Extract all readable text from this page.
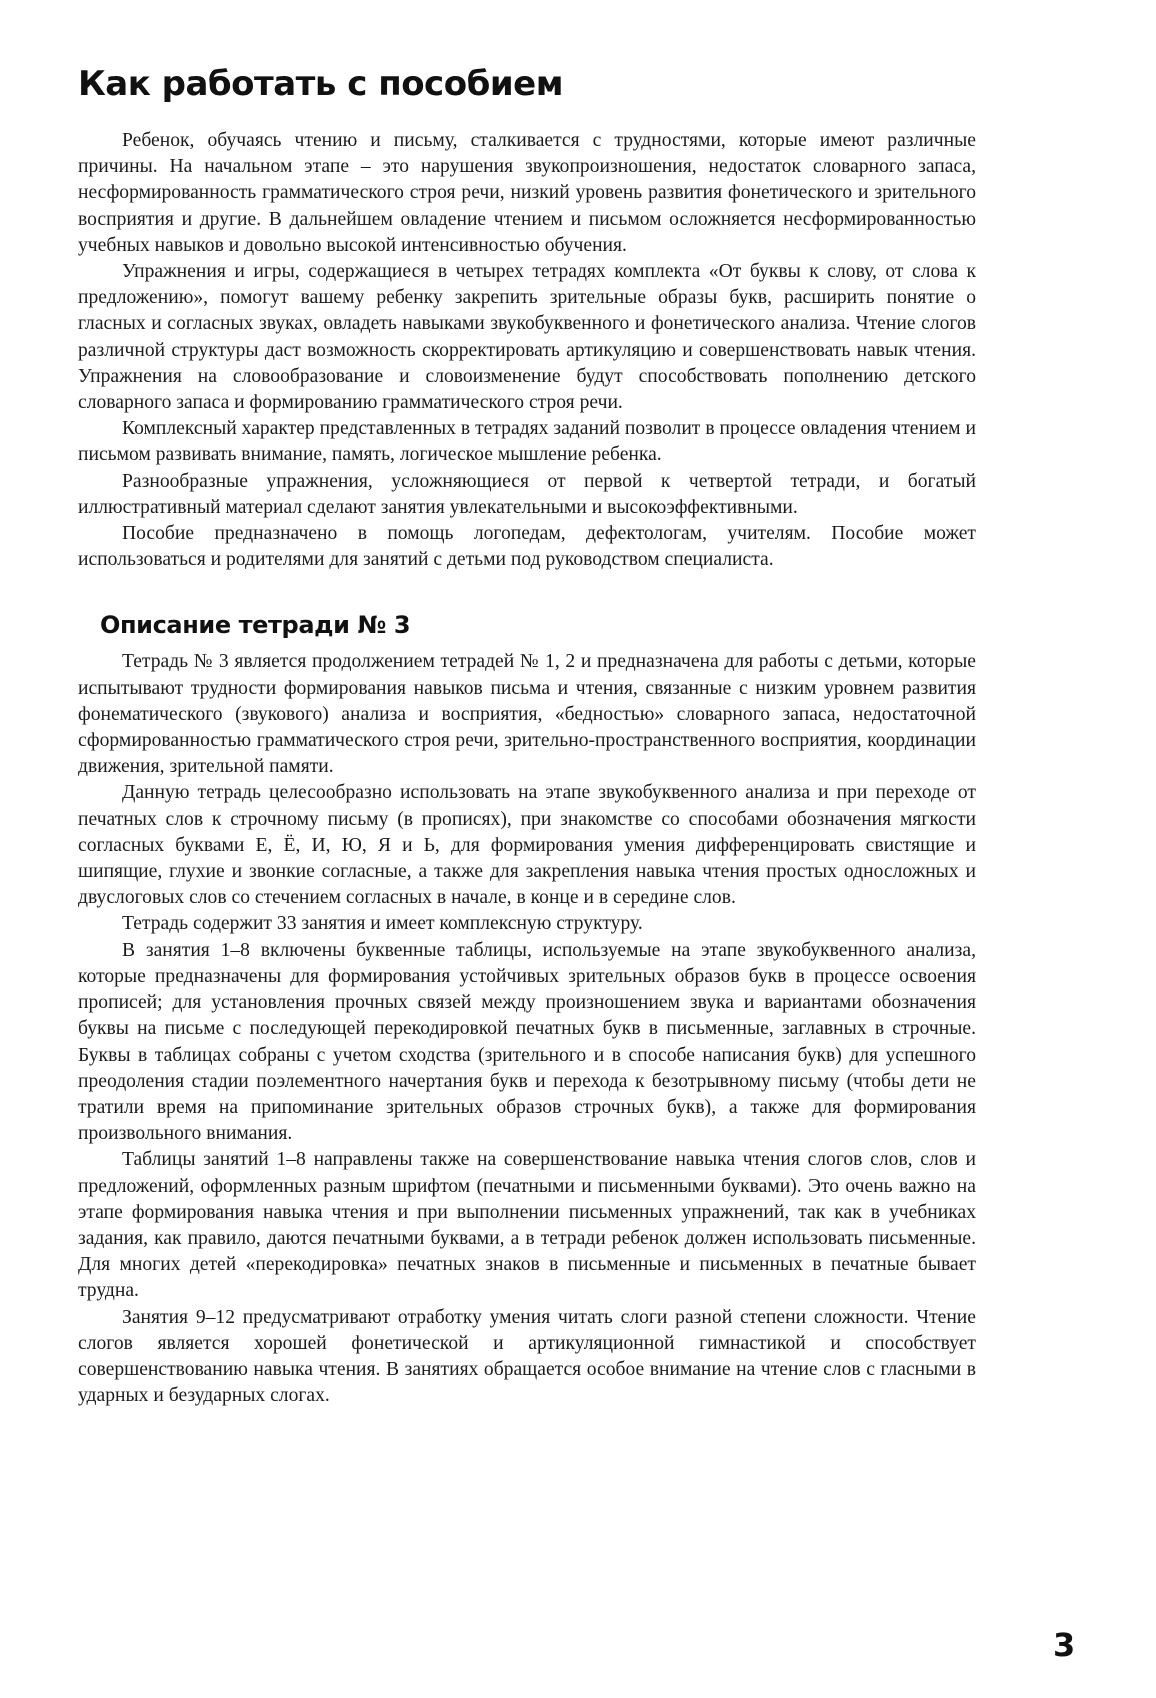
Как работать с пособием

Ребенок, обучаясь чтению и письму, сталкивается с трудностями, которые имеют различные причины. На начальном этапе – это нарушения звукопроизношения, недостаток словарного запаса, несформированность грамматического строя речи, низкий уровень развития фонетического и зрительного восприятия и другие. В дальнейшем овладение чтением и письмом осложняется несформированностью учебных навыков и довольно высокой интенсивностью обучения.

Упражнения и игры, содержащиеся в четырех тетрадях комплекта «От буквы к слову, от слова к предложению», помогут вашему ребенку закрепить зрительные образы букв, расширить понятие о гласных и согласных звуках, овладеть навыками звукобуквенного и фонетического анализа. Чтение слогов различной структуры даст возможность скорректировать артикуляцию и совершенствовать навык чтения. Упражнения на словообразование и словоизменение будут способствовать пополнению детского словарного запаса и формированию грамматического строя речи.

Комплексный характер представленных в тетрадях заданий позволит в процессе овладения чтением и письмом развивать внимание, память, логическое мышление ребенка.

Разнообразные упражнения, усложняющиеся от первой к четвертой тетради, и богатый иллюстративный материал сделают занятия увлекательными и высокоэффективными.

Пособие предназначено в помощь логопедам, дефектологам, учителям. Пособие может использоваться и родителями для занятий с детьми под руководством специалиста.

Описание тетради № 3

Тетрадь № 3 является продолжением тетрадей № 1, 2 и предназначена для работы с детьми, которые испытывают трудности формирования навыков письма и чтения, связанные с низким уровнем развития фонематического (звукового) анализа и восприятия, «бедностью» словарного запаса, недостаточной сформированностью грамматического строя речи, зрительно-пространственного восприятия, координации движения, зрительной памяти.

Данную тетрадь целесообразно использовать на этапе звукобуквенного анализа и при переходе от печатных слов к строчному письму (в прописях), при знакомстве со способами обозначения мягкости согласных буквами Е, Ё, И, Ю, Я и Ь, для формирования умения дифференцировать свистящие и шипящие, глухие и звонкие согласные, а также для закрепления навыка чтения простых односложных и двуслоговых слов со стечением согласных в начале, в конце и в середине слов.

Тетрадь содержит 33 занятия и имеет комплексную структуру.

В занятия 1–8 включены буквенные таблицы, используемые на этапе звукобуквенного анализа, которые предназначены для формирования устойчивых зрительных образов букв в процессе освоения прописей; для установления прочных связей между произношением звука и вариантами обозначения буквы на письме с последующей перекодировкой печатных букв в письменные, заглавных в строчные. Буквы в таблицах собраны с учетом сходства (зрительного и в способе написания букв) для успешного преодоления стадии поэлементного начертания букв и перехода к безотрывному письму (чтобы дети не тратили время на припоминание зрительных образов строчных букв), а также для формирования произвольного внимания.

Таблицы занятий 1–8 направлены также на совершенствование навыка чтения слогов слов, слов и предложений, оформленных разным шрифтом (печатными и письменными буквами). Это очень важно на этапе формирования навыка чтения и при выполнении письменных упражнений, так как в учебниках задания, как правило, даются печатными буквами, а в тетради ребенок должен использовать письменные. Для многих детей «перекодировка» печатных знаков в письменные и письменных в печатные бывает трудна.

Занятия 9–12 предусматривают отработку умения читать слоги разной степени сложности. Чтение слогов является хорошей фонетической и артикуляционной гимнастикой и способствует совершенствованию навыка чтения. В занятиях обращается особое внимание на чтение слов с гласными в ударных и безударных слогах.

3
